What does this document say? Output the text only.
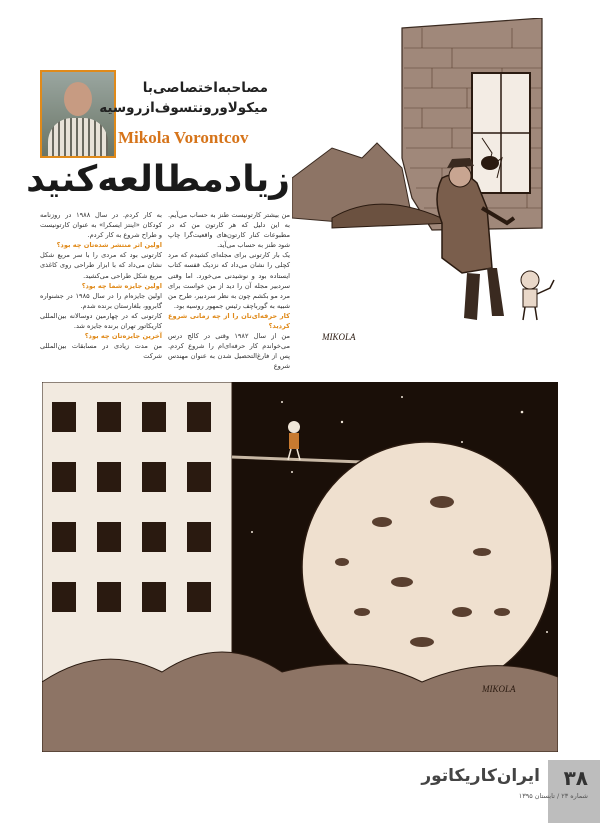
مصاحبه‌اختصاصی‌با
میکولاورونتسوف‌ازروسیه
Mikola Vorontcov
زیادمطالعه‌کنید
من بیشتر کارتونیست طنز به حساب می‌آیم. به این دلیل که هر کارتون من که در مطبوعات کنار کارتون‌های واقعیت‌گرا چاپ شود طنز به حساب می‌آید.
یک بار کارتونی برای مجله‌ای کشیدم که مرد کچلی را نشان می‌داد که نزدیک قفسه کتاب ایستاده بود و نوشیدنی می‌خورد. اما وقتی سردبیر مجله آن را دید از من خواست برای مرد مو بکشم چون به نظر سردبیر، طرح من شبیه به گورباچف رئیس جمهور روسیه بود.
کار حرفه‌ای‌تان را از چه زمانی شروع کردید؟
من از سال ۱۹۸۲ وقتی در کالج درس می‌خواندم کار حرفه‌ای‌ام را شروع کردم. پس از فارغ‌التحصیل شدن به عنوان مهندس شروع
به کار کردم. در سال ۱۹۸۸ در روزنامه کودکان «اینتز ایسکرا» به عنوان کارتونیست و طراح شروع به کار کردم.
اولین اثر منتشر شده‌تان چه بود؟
کارتونی بود که مردی را با سر مربع شکل نشان می‌داد که با ابزار طراحی روی کاغذی مربع شکل طراحی می‌کشید.
اولین جایزه شما چه بود؟
اولین جایزه‌ام را در سال ۱۹۸۵ در جشنواره گابروو، بلغارستان برنده شدم.
کارتونی که در چهارمین دوسالانه بین‌المللی کاریکاتور تهران برنده جایزه شد.
آخرین جایزه‌تان چه بود؟
من مدت زیادی در مسابقات بین‌المللی شرکت
MIKOLA
MIKOLA
۳۸
ایران‌کاریکاتور
شماره ۲۳ / تابستان ۱۳۹۵
